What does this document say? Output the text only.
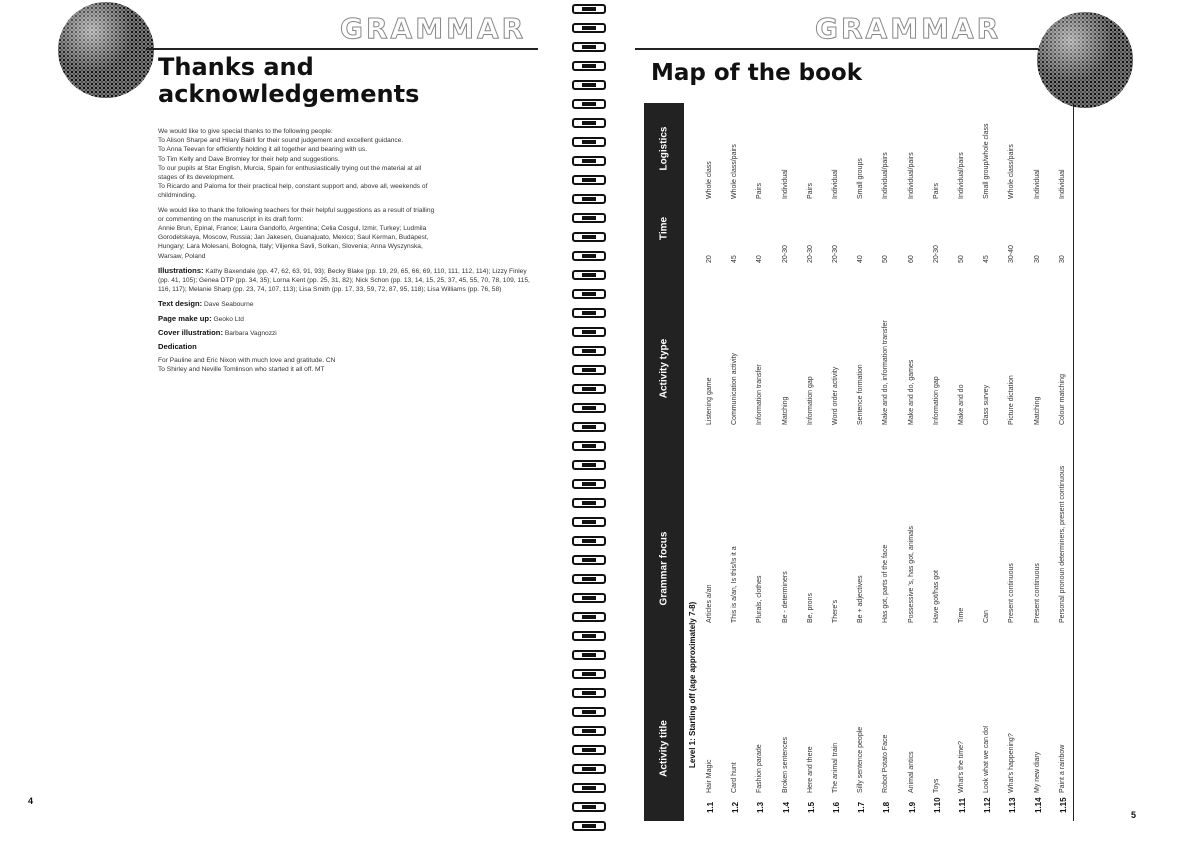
GRAMMAR
Thanks and
acknowledgements

We would like to give special thanks to the following people:
To Alison Sharpe and Hilary Bairli for their sound judgement and excellent guidance.
To Anna Teevan for efficiently holding it all together and bearing with us.
To Tim Kelly and Dave Bromley for their help and suggestions.
To our pupils at Star English, Murcia, Spain for enthusiastically trying out the material at all
stages of its development.
To Ricardo and Paloma for their practical help, constant support and, above all, weekends of
childminding.

We would like to thank the following teachers for their helpful suggestions as a result of trialling
or commenting on the manuscript in its draft form:
Annie Brun, Epinal, France; Laura Gandolfo, Argentina; Celia Cosgul, Izmir, Turkey; Ludmila
Gorodetskaya, Moscow, Russia; Jan Jakesen, Guanajuato, Mexico; Saul Kerman, Budapest,
Hungary; Lara Molesani, Bologna, Italy; Viljenka Savli, Solkan, Slovenia; Anna Wyszynska,
Warsaw, Poland

Illustrations: Kathy Baxendale (pp. 47, 62, 63, 91, 93); Becky Blake (pp. 19, 29, 65, 66, 69, 110, 111, 112, 114); Lizzy Finley (pp. 41, 105); Genea DTP (pp. 34, 35); Lorna Kent (pp. 25, 31, 82); Nick Schon (pp. 13, 14, 15, 25, 37, 45, 55, 70, 78, 109, 115, 116, 117); Melanie Sharp (pp. 23, 74, 107, 113); Lisa Smith (pp. 17, 33, 59, 72, 87, 95, 118); Lisa Williams (pp. 76, 58)

Text design: Dave Seabourne
Page make up: Geoko Ltd
Cover illustration: Barbara Vagnozzi
Dedication
For Pauline and Eric Nixon with much love and gratitude. CN
To Shirley and Neville Tomlinson who started it all off. MT
4
GRAMMAR
Map of the book
Activity title
Grammar focus
Activity type
Time
Logistics
Level 1: Starting off (age approximately 7-8)
1.1
Hair Magic
Articles a/an
Listening game
20
Whole class
1.2
Card hunt
This is a/an, Is this/Is it a
Communication activity
45
Whole class/pairs
1.3
Fashion parade
Plurals, clothes
Information transfer
40
Pairs
1.4
Broken sentences
Be - determiners
Matching
20-30
Individual
1.5
Here and there
Be, prons
Information gap
20-30
Pairs
1.6
The animal train
There's
Word order activity
20-30
Individual
1.7
Silly sentence people
Be + adjectives
Sentence formation
40
Small groups
1.8
Robot Potato Face
Has got, parts of the face
Make and do, information transfer
50
Individual/pairs
1.9
Animal antics
Possessive 's, has got, animals
Make and do, games
60
Individual/pairs
1.10
Toys
Have got/has got
Information gap
20-30
Pairs
1.11
What's the time?
Time
Make and do
50
Individual/pairs
1.12
Look what we can do!
Can
Class survey
45
Small group/whole class
1.13
What's happening?
Present continuous
Picture dictation
30-40
Whole class/pairs
1.14
My new diary
Present continuous
Matching
30
Individual
1.15
Paint a rainbow
Personal pronoun determiners, present continuous
Colour matching
30
Individual
5
